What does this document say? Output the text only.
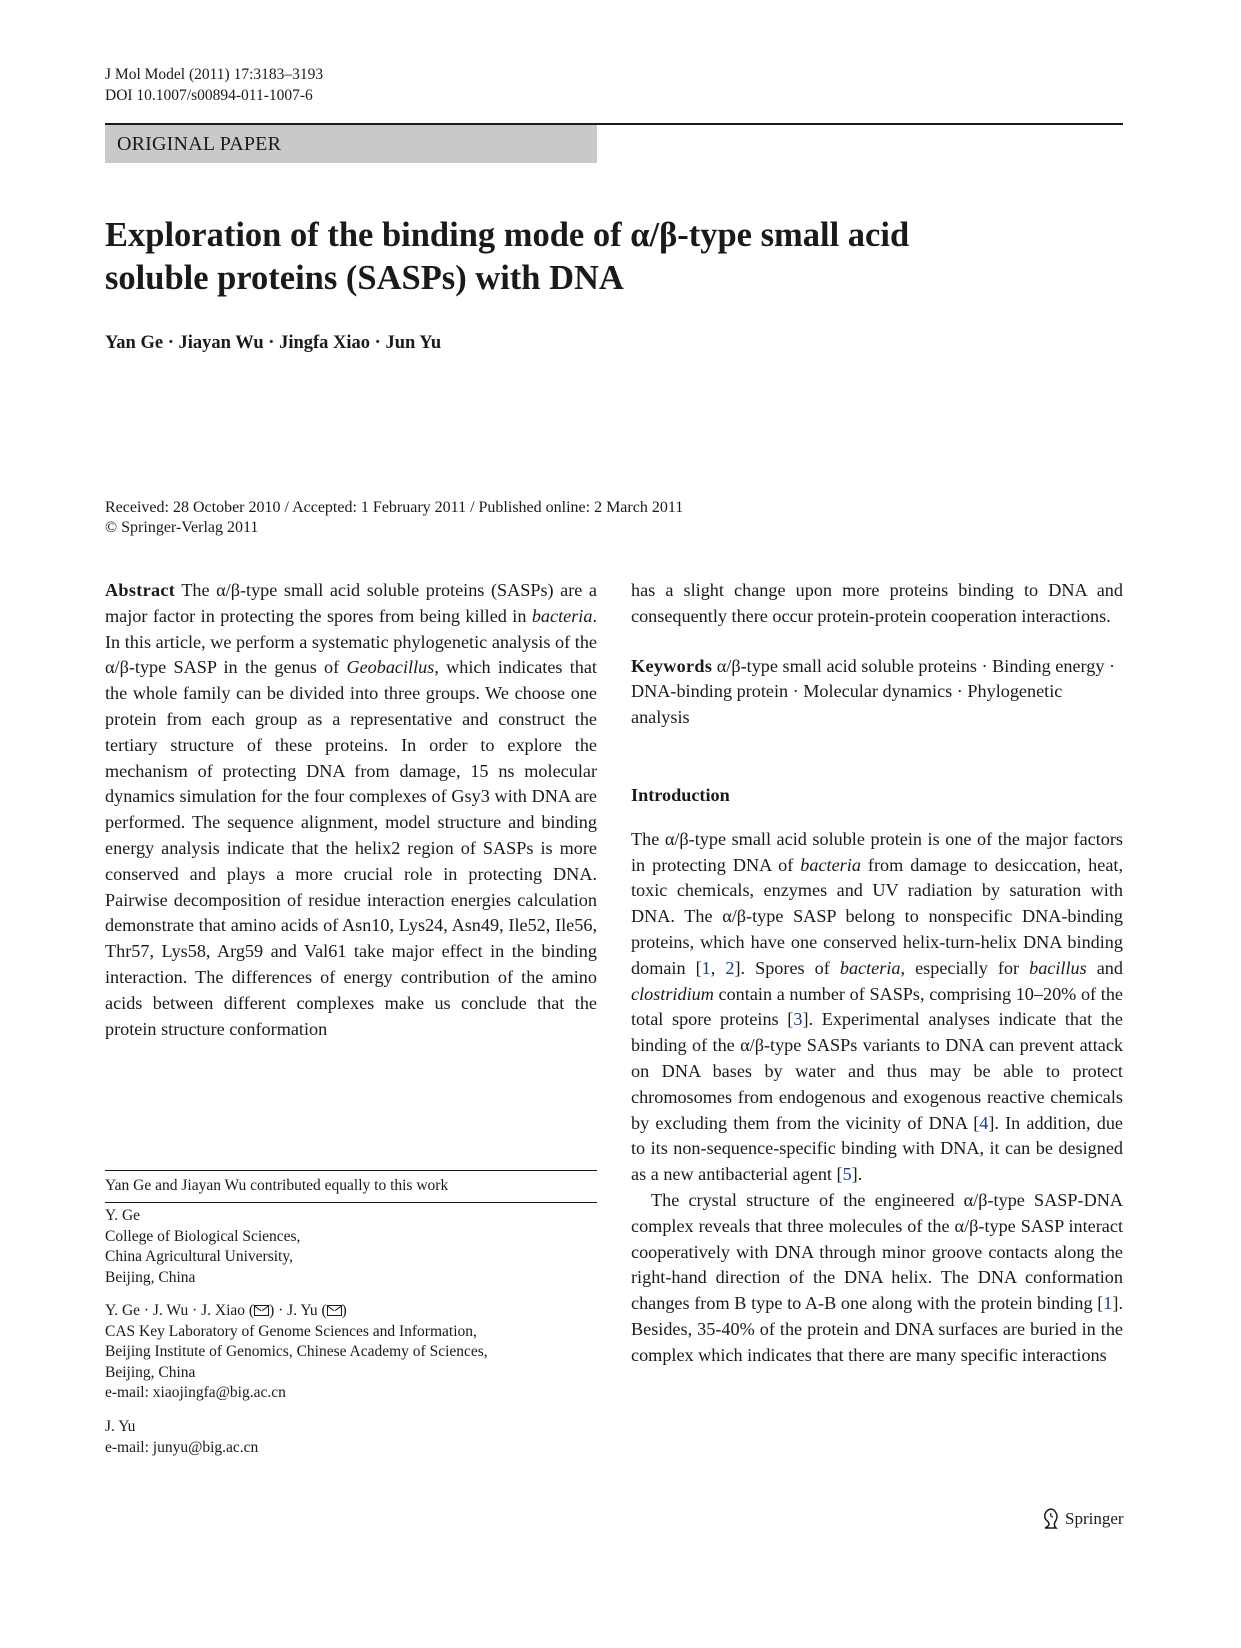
J Mol Model (2011) 17:3183–3193
DOI 10.1007/s00894-011-1007-6
ORIGINAL PAPER
Exploration of the binding mode of α/β-type small acid
soluble proteins (SASPs) with DNA
Yan Ge · Jiayan Wu · Jingfa Xiao · Jun Yu
Received: 28 October 2010 / Accepted: 1 February 2011 / Published online: 2 March 2011
© Springer-Verlag 2011

Abstract The α/β-type small acid soluble proteins (SASPs) are a major factor in protecting the spores from being killed in bacteria. In this article, we perform a systematic phylogenetic analysis of the α/β-type SASP in the genus of Geobacillus, which indicates that the whole family can be divided into three groups. We choose one protein from each group as a representative and construct the tertiary structure of these proteins. In order to explore the mechanism of protecting DNA from damage, 15 ns molecular dynamics simulation for the four complexes of Gsy3 with DNA are performed. The sequence alignment, model structure and binding energy analysis indicate that the helix2 region of SASPs is more conserved and plays a more crucial role in protecting DNA. Pairwise decomposition of residue interaction energies calculation demonstrate that amino acids of Asn10, Lys24, Asn49, Ile52, Ile56, Thr57, Lys58, Arg59 and Val61 take major effect in the binding interaction. The differences of energy contribution of the amino acids between different complexes make us conclude that the protein structure conformation

has a slight change upon more proteins binding to DNA and consequently there occur protein-protein cooperation interactions.

Keywords α/β-type small acid soluble proteins · Binding energy · DNA-binding protein · Molecular dynamics · Phylogenetic analysis

Introduction

The α/β-type small acid soluble protein is one of the major factors in protecting DNA of bacteria from damage to desiccation, heat, toxic chemicals, enzymes and UV radiation by saturation with DNA. The α/β-type SASP belong to nonspecific DNA-binding proteins, which have one conserved helix-turn-helix DNA binding domain [1, 2]. Spores of bacteria, especially for bacillus and clostridium contain a number of SASPs, comprising 10–20% of the total spore proteins [3]. Experimental analyses indicate that the binding of the α/β-type SASPs variants to DNA can prevent attack on DNA bases by water and thus may be able to protect chromosomes from endogenous and exogenous reactive chemicals by excluding them from the vicinity of DNA [4]. In addition, due to its non-sequence-specific binding with DNA, it can be designed as a new antibacterial agent [5].

The crystal structure of the engineered α/β-type SASP-DNA complex reveals that three molecules of the α/β-type SASP interact cooperatively with DNA through minor groove contacts along the right-hand direction of the DNA helix. The DNA conformation changes from B type to A-B one along with the protein binding [1]. Besides, 35-40% of the protein and DNA surfaces are buried in the complex which indicates that there are many specific interactions

Yan Ge and Jiayan Wu contributed equally to this work
Y. Ge
College of Biological Sciences,
China Agricultural University,
Beijing, China
Y. Ge · J. Wu · J. Xiao ( ) · J. Yu ( )
CAS Key Laboratory of Genome Sciences and Information,
Beijing Institute of Genomics, Chinese Academy of Sciences,
Beijing, China
e-mail: xiaojingfa@big.ac.cn
J. Yu
e-mail: junyu@big.ac.cn
Springer
